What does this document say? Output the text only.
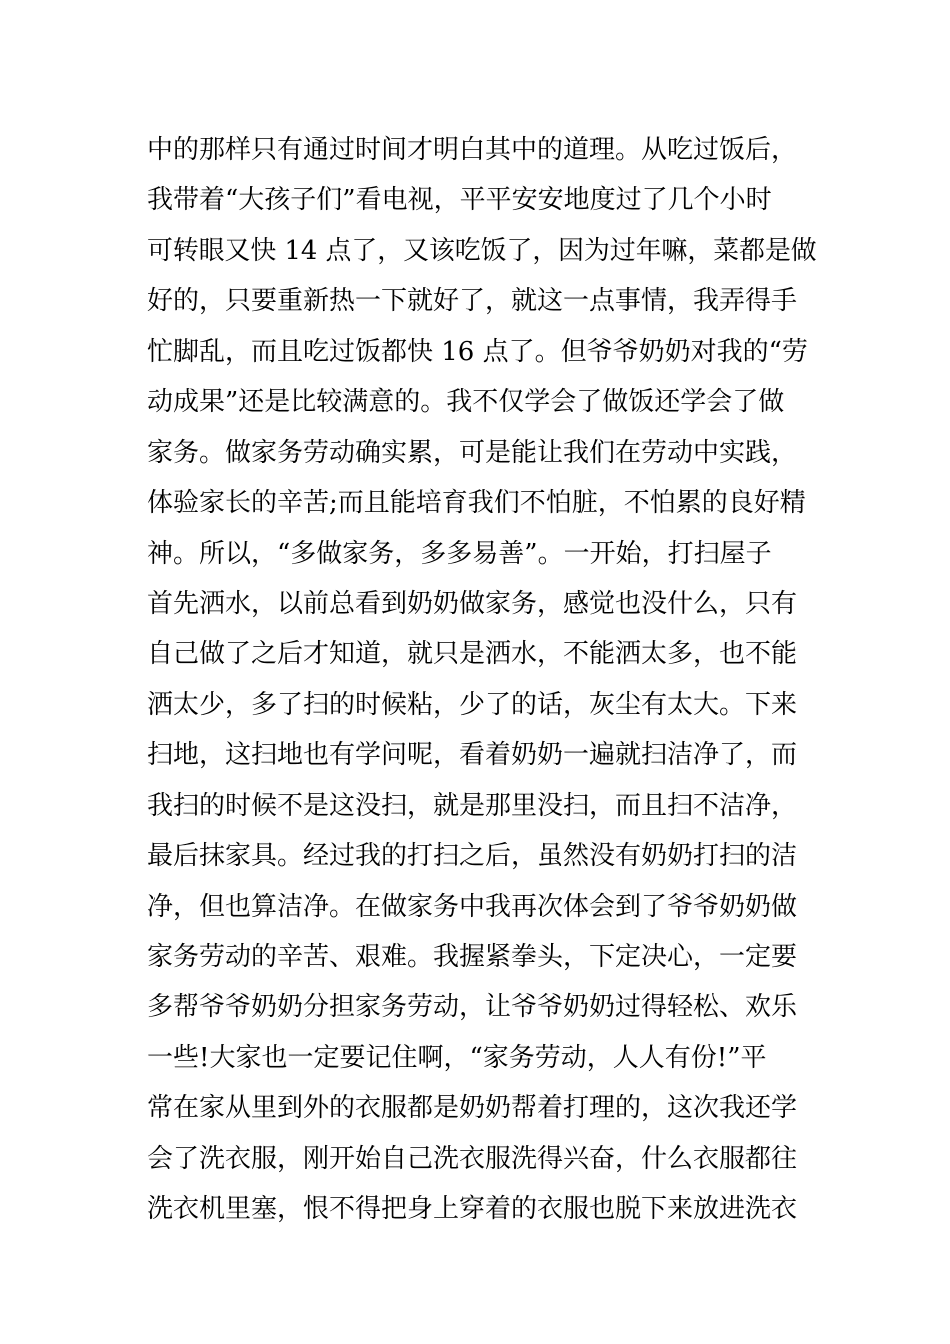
中的那样只有通过时间才明白其中的道理。从吃过饭后，
我带着“大孩子们”看电视，平平安安地度过了几个小时
可转眼又快 14 点了，又该吃饭了，因为过年嘛，菜都是做
好的，只要重新热一下就好了，就这一点事情，我弄得手
忙脚乱，而且吃过饭都快 16 点了。但爷爷奶奶对我的“劳
动成果”还是比较满意的。我不仅学会了做饭还学会了做
家务。做家务劳动确实累，可是能让我们在劳动中实践，
体验家长的辛苦;而且能培育我们不怕脏，不怕累的良好精
神。所以，“多做家务，多多易善”。一开始，打扫屋子
首先洒水，以前总看到奶奶做家务，感觉也没什么，只有
自己做了之后才知道，就只是洒水，不能洒太多，也不能
洒太少，多了扫的时候粘，少了的话，灰尘有太大。下来
扫地，这扫地也有学问呢，看着奶奶一遍就扫洁净了，而
我扫的时候不是这没扫，就是那里没扫，而且扫不洁净，
最后抹家具。经过我的打扫之后，虽然没有奶奶打扫的洁
净，但也算洁净。在做家务中我再次体会到了爷爷奶奶做
家务劳动的辛苦、艰难。我握紧拳头，下定决心，一定要
多帮爷爷奶奶分担家务劳动，让爷爷奶奶过得轻松、欢乐
一些!大家也一定要记住啊，“家务劳动，人人有份!”平
常在家从里到外的衣服都是奶奶帮着打理的，这次我还学
会了洗衣服，刚开始自己洗衣服洗得兴奋，什么衣服都往
洗衣机里塞，恨不得把身上穿着的衣服也脱下来放进洗衣
